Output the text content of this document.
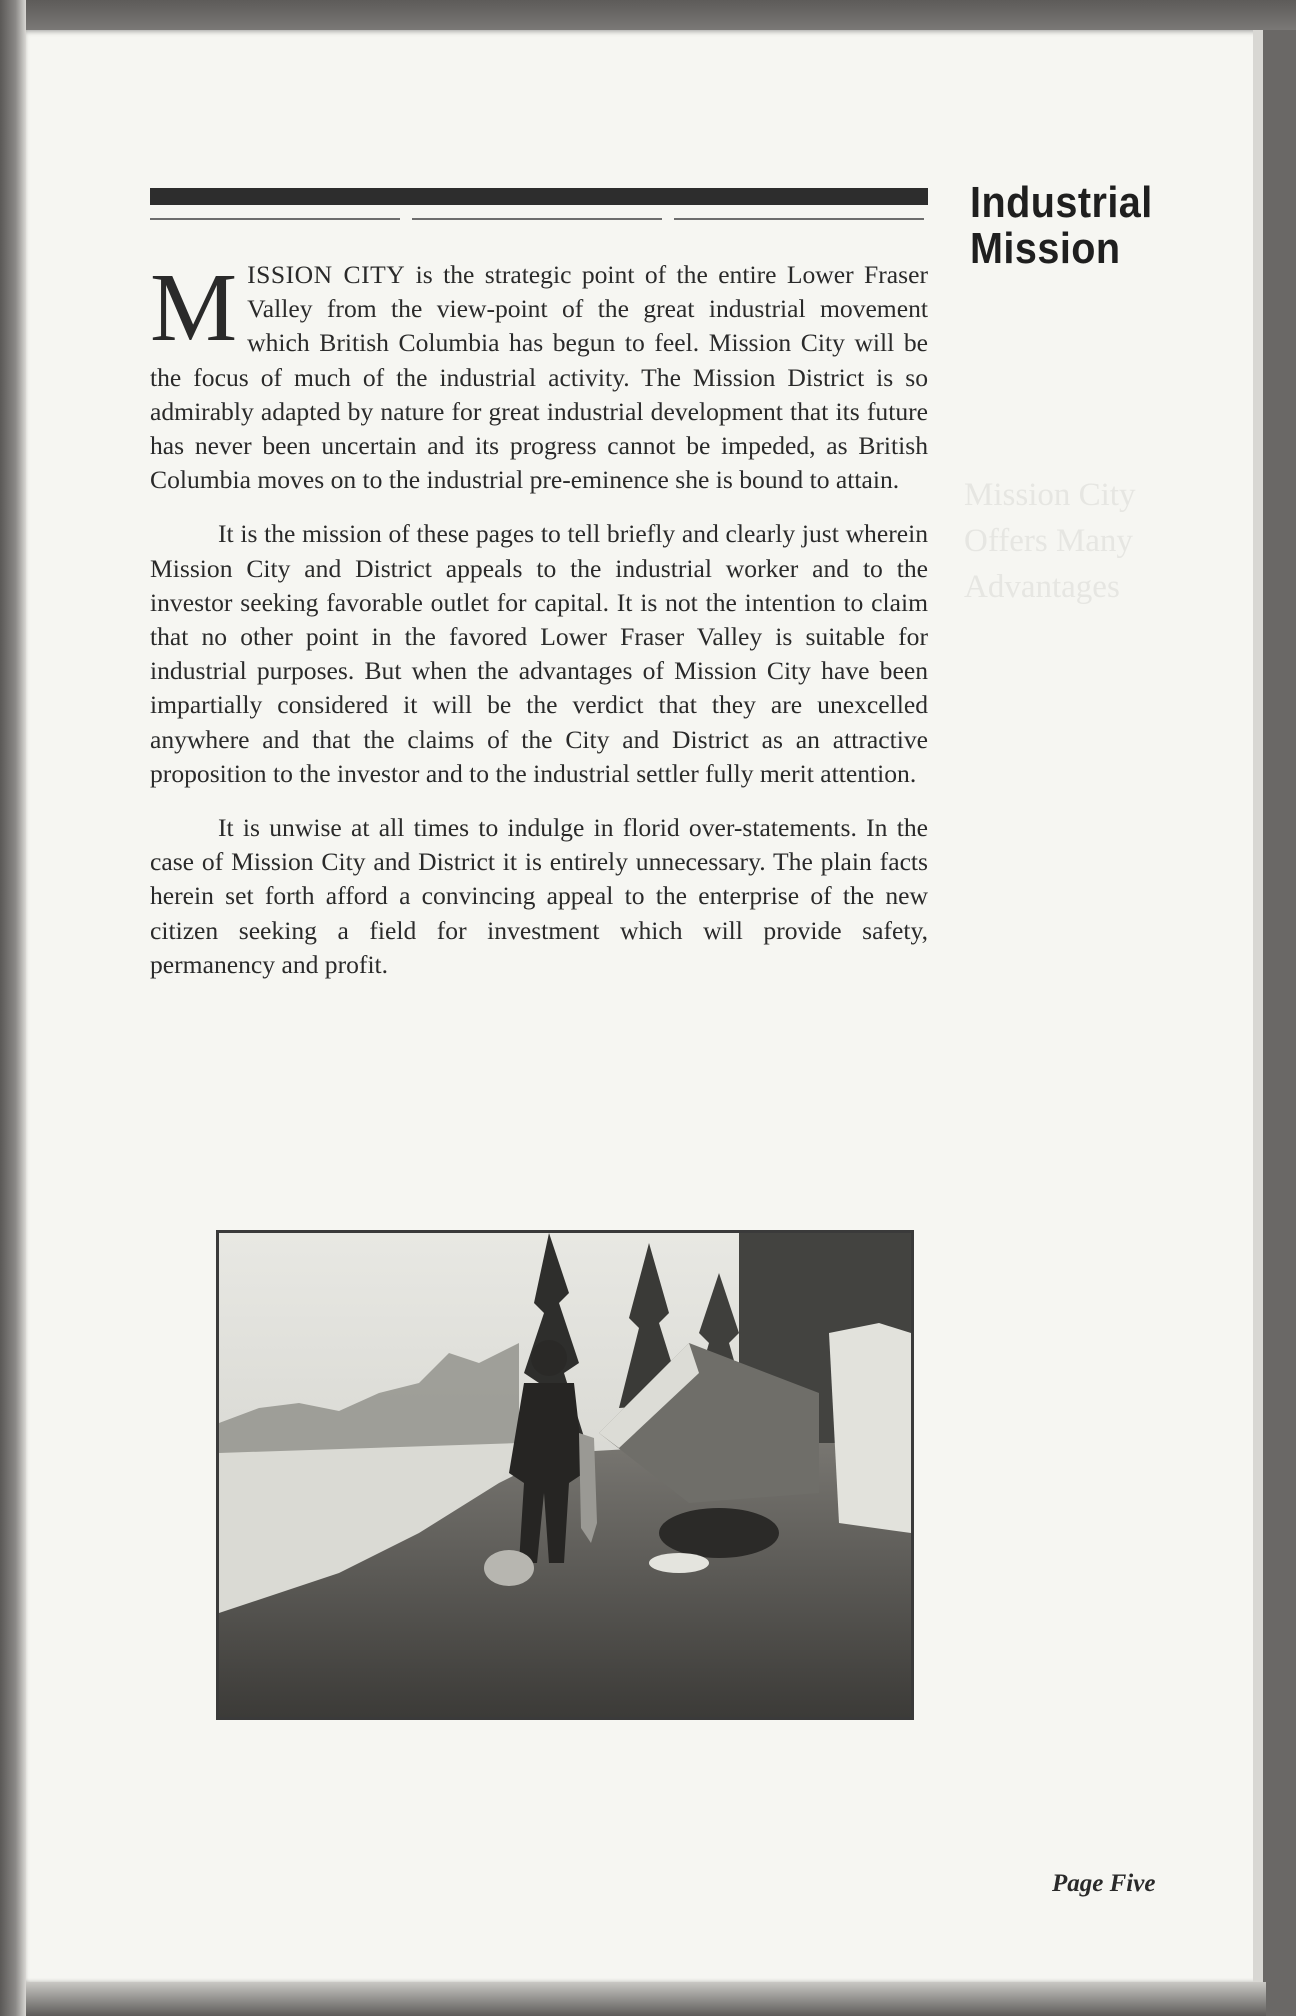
Industrial
Mission

Mission City
Offers Many
Advantages

MISSION CITY is the strategic point of the entire Lower Fraser Valley from the view-point of the great industrial movement which British Columbia has begun to feel. Mission City will be the focus of much of the industrial activity. The Mission District is so admirably adapted by nature for great industrial development that its future has never been uncertain and its progress cannot be impeded, as British Columbia moves on to the industrial pre-eminence she is bound to attain.

It is the mission of these pages to tell briefly and clearly just wherein Mission City and District appeals to the industrial worker and to the investor seeking favorable outlet for capital. It is not the intention to claim that no other point in the favored Lower Fraser Valley is suitable for industrial purposes. But when the advantages of Mission City have been impartially considered it will be the verdict that they are unexcelled anywhere and that the claims of the City and District as an attractive proposition to the investor and to the industrial settler fully merit attention.

It is unwise at all times to indulge in florid over-statements. In the case of Mission City and District it is entirely unnecessary. The plain facts herein set forth afford a convincing appeal to the enterprise of the new citizen seeking a field for investment which will provide safety, permanency and profit.

Page Five
